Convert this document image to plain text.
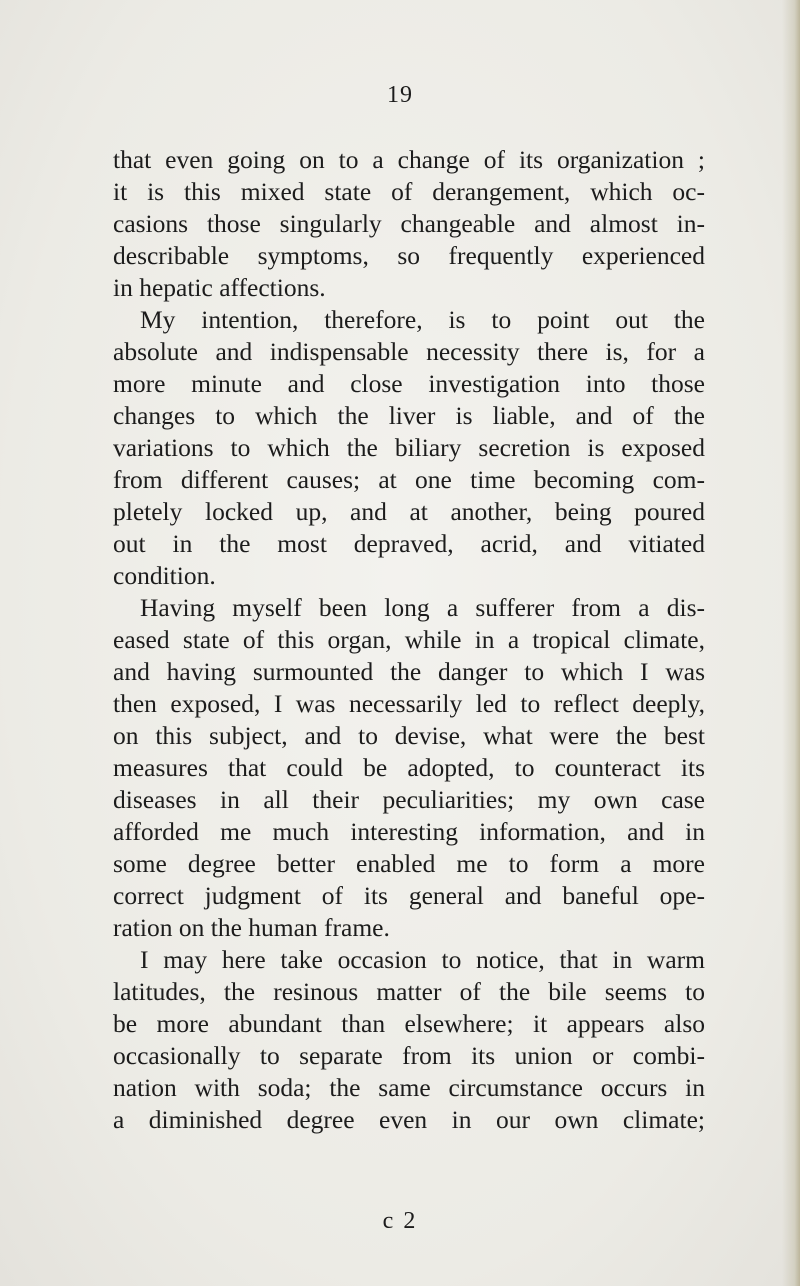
19
that even going on to a change of its organization ;
it is this mixed state of derangement, which oc-
casions those singularly changeable and almost in-
describable symptoms, so frequently experienced
in hepatic affections.
My intention, therefore, is to point out the
absolute and indispensable necessity there is, for a
more minute and close investigation into those
changes to which the liver is liable, and of the
variations to which the biliary secretion is exposed
from different causes; at one time becoming com-
pletely locked up, and at another, being poured
out in the most depraved, acrid, and vitiated
condition.
Having myself been long a sufferer from a dis-
eased state of this organ, while in a tropical climate,
and having surmounted the danger to which I was
then exposed, I was necessarily led to reflect deeply,
on this subject, and to devise, what were the best
measures that could be adopted, to counteract its
diseases in all their peculiarities; my own case
afforded me much interesting information, and in
some degree better enabled me to form a more
correct judgment of its general and baneful ope-
ration on the human frame.
I may here take occasion to notice, that in warm
latitudes, the resinous matter of the bile seems to
be more abundant than elsewhere; it appears also
occasionally to separate from its union or combi-
nation with soda; the same circumstance occurs in
a diminished degree even in our own climate;
c 2
